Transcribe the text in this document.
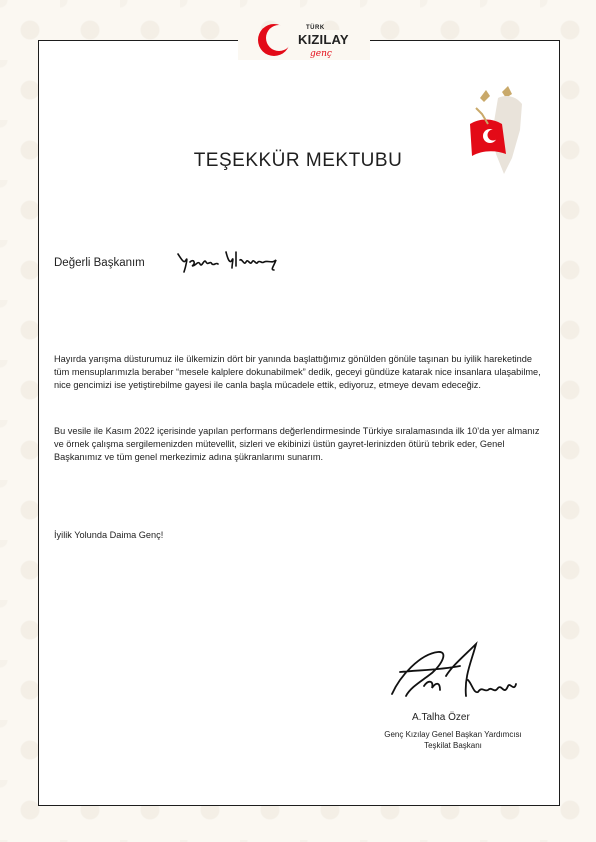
TÜRK
KIZILAY
genç
TEŞEKKÜR MEKTUBU
Değerli Başkanım
Hayırda yarışma düsturumuz ile ülkemizin dört bir yanında başlattığımız gönülden gönüle taşınan bu iyilik hareketinde tüm mensuplarımızla beraber “mesele kalplere dokunabilmek” dedik, geceyi gündüze katarak nice insanlara ulaşabilme, nice gencimizi ise yetiştirebilme gayesi ile canla başla mücadele ettik, ediyoruz, etmeye devam edeceğiz.
Bu vesile ile Kasım 2022 içerisinde yapılan performans değerlendirmesinde Türkiye sıralamasında ilk 10’da yer almanız ve örnek çalışma sergilemenizden mütevellit, sizleri ve ekibinizi üstün gayret-lerinizden ötürü tebrik eder, Genel Başkanımız ve tüm genel merkezimiz adına şükranlarımı sunarım.
İyilik Yolunda Daima Genç!
A.Talha Özer
Genç Kızılay Genel Başkan Yardımcısı
Teşkilat Başkanı
